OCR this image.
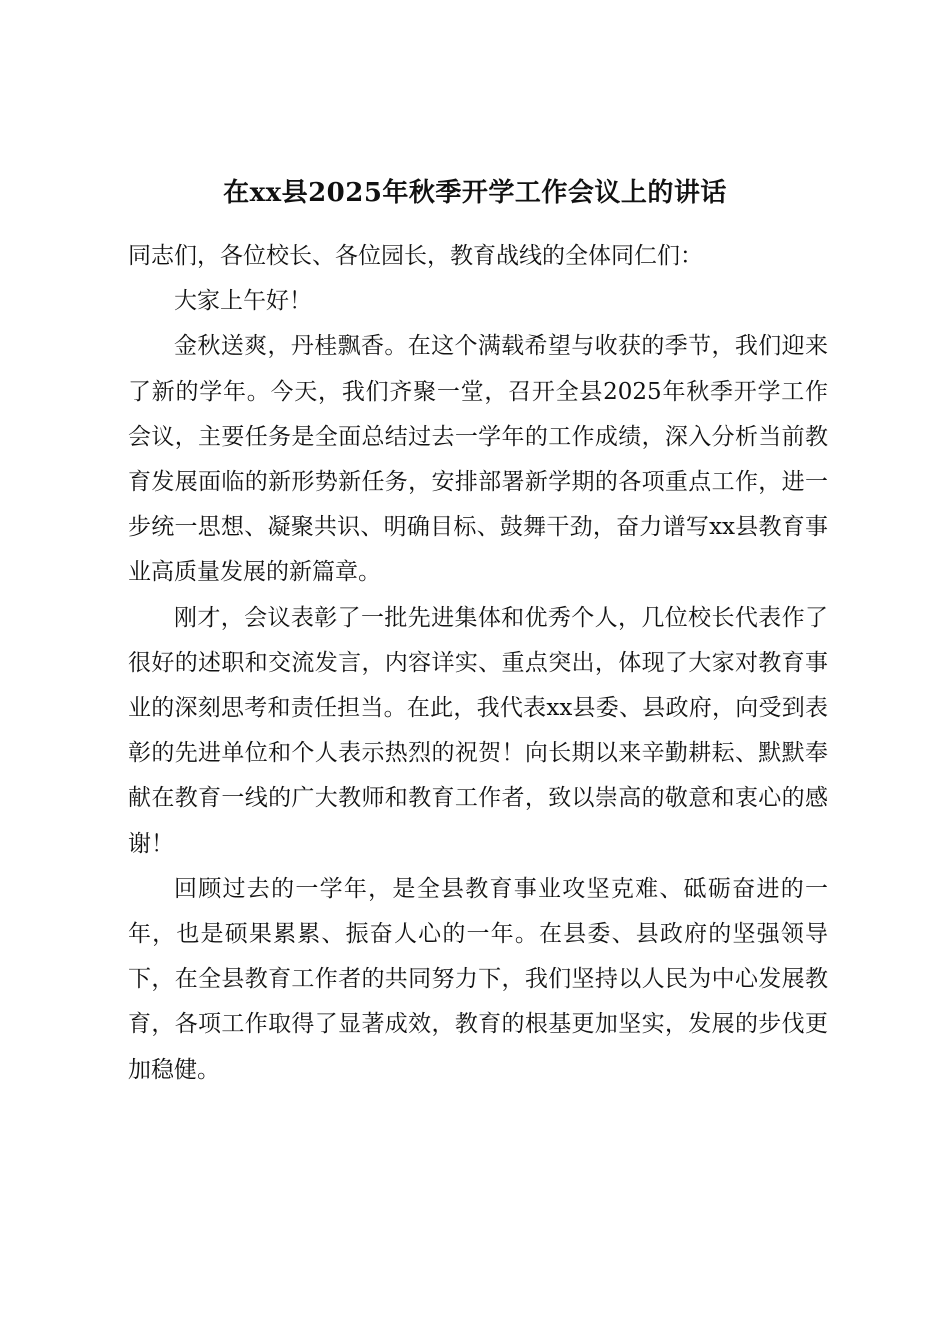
在xx县2025年秋季开学工作会议上的讲话

同志们，各位校长、各位园长，教育战线的全体同仁们：

大家上午好！

金秋送爽，丹桂飘香。在这个满载希望与收获的季节，我们迎来了新的学年。今天，我们齐聚一堂，召开全县2025年秋季开学工作会议，主要任务是全面总结过去一学年的工作成绩，深入分析当前教育发展面临的新形势新任务，安排部署新学期的各项重点工作，进一步统一思想、凝聚共识、明确目标、鼓舞干劲，奋力谱写xx县教育事业高质量发展的新篇章。

刚才，会议表彰了一批先进集体和优秀个人，几位校长代表作了很好的述职和交流发言，内容详实、重点突出，体现了大家对教育事业的深刻思考和责任担当。在此，我代表xx县委、县政府，向受到表彰的先进单位和个人表示热烈的祝贺！向长期以来辛勤耕耘、默默奉献在教育一线的广大教师和教育工作者，致以崇高的敬意和衷心的感谢！

回顾过去的一学年，是全县教育事业攻坚克难、砥砺奋进的一年，也是硕果累累、振奋人心的一年。在县委、县政府的坚强领导下，在全县教育工作者的共同努力下，我们坚持以人民为中心发展教育，各项工作取得了显著成效，教育的根基更加坚实，发展的步伐更加稳健。
